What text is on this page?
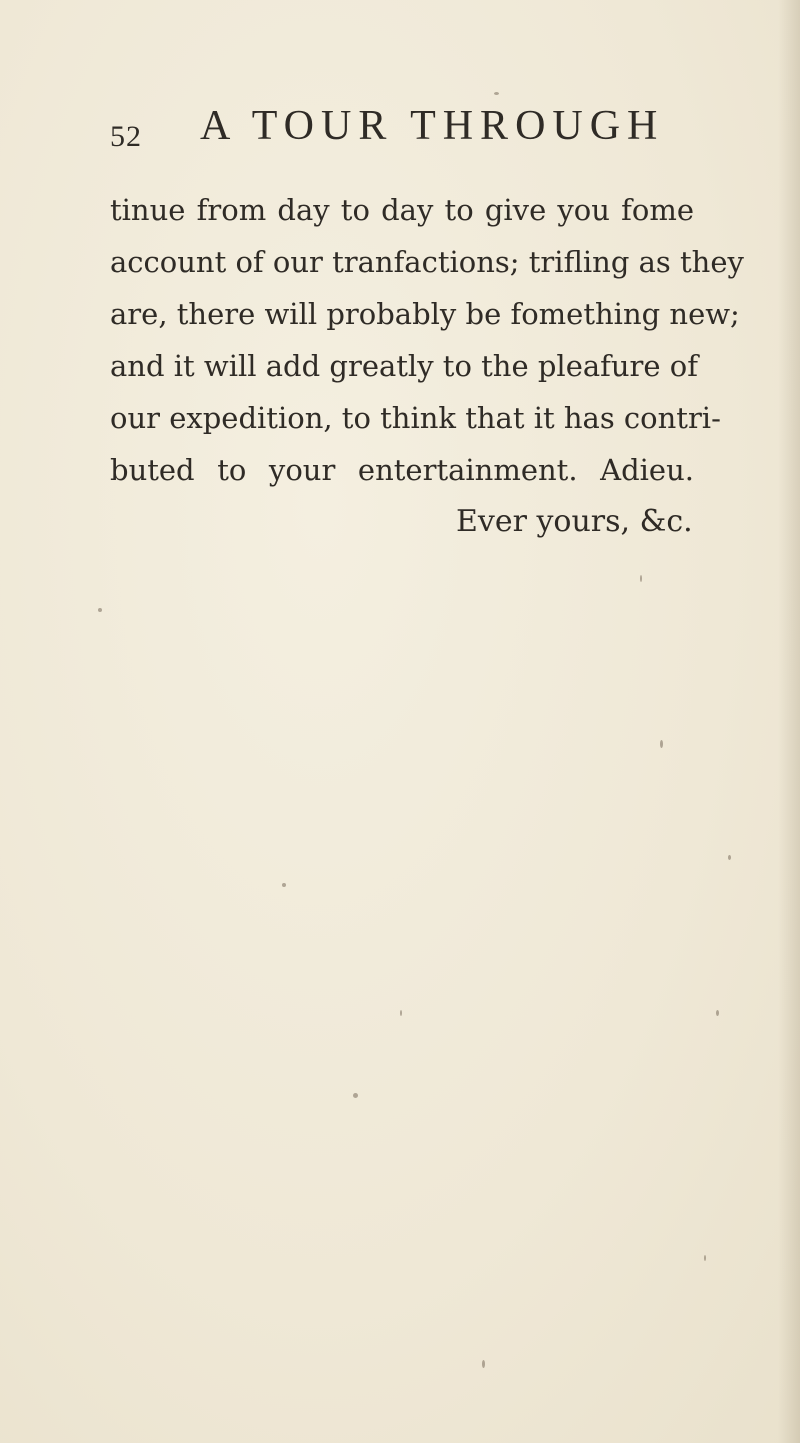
52 A TOUR THROUGH
tinue from day to day to give you fome
account of our tranfactions; trifling as they
are, there will probably be fomething new;
and it will add greatly to the pleafure of
our expedition, to think that it has contri-
buted to your entertainment. Adieu.
Ever yours, &c.
